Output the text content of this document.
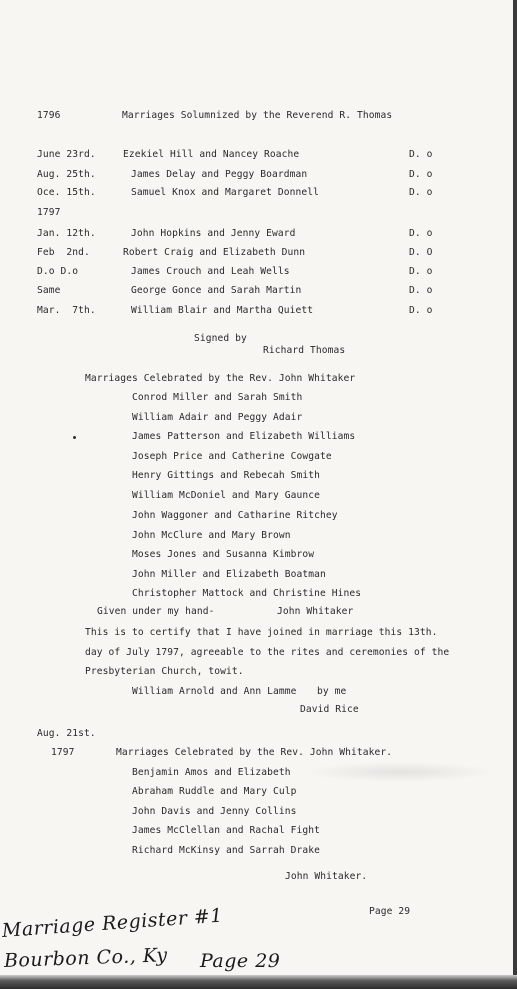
1796	Marriages Solumnized by the Reverend R. Thomas
June 23rd.	Ezekiel Hill and Nancey Roache	D. o
Aug. 25th.	James Delay and Peggy Boardman	D. o
Oce. 15th.	Samuel Knox and Margaret Donnell	D. o
1797
Jan. 12th.	John Hopkins and Jenny Eward	D. o
Feb  2nd.	Robert Craig and Elizabeth Dunn	D. O
D.o D.o	James Crouch and Leah Wells	D. o
Same	George Gonce and Sarah Martin	D. o
Mar.  7th.	William Blair and Martha Quiett	D. o
Signed by
Richard Thomas
Marriages Celebrated by the Rev. John Whitaker
Conrod Miller and Sarah Smith
William Adair and Peggy Adair
James Patterson and Elizabeth Williams
Joseph Price and Catherine Cowgate
Henry Gittings and Rebecah Smith
William McDoniel and Mary Gaunce
John Waggoner and Catharine Ritchey
John McClure and Mary Brown
Moses Jones and Susanna Kimbrow
John Miller and Elizabeth Boatman
Christopher Mattock and Christine Hines
Given under my hand-	John Whitaker
This is to certify that I have joined in marriage this 13th.
day of July 1797, agreeable to the rites and ceremonies of the
Presbyterian Church, towit.
William Arnold and Ann Lamme by me
David Rice
Aug. 21st.
1797	Marriages Celebrated by the Rev. John Whitaker.
Benjamin Amos and Elizabeth
Abraham Ruddle and Mary Culp
John Davis and Jenny Collins
James McClellan and Rachal Fight
Richard McKinsy and Sarrah Drake
John Whitaker.
Page 29
Marriage Register #1
Bourbon Co., Ky Page 29
